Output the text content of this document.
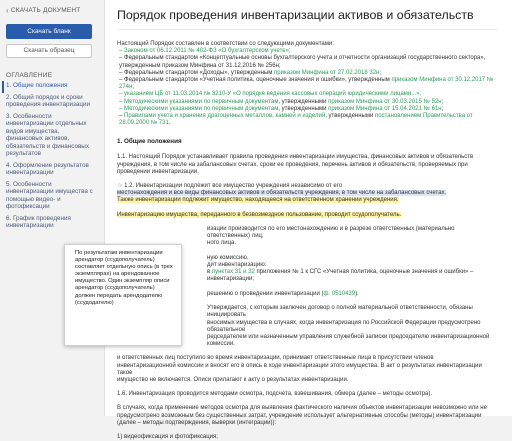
‹ СКАЧАТЬ ДОКУМЕНТ
Скачать бланк
Скачать образец
ОГЛАВЛЕНИЕ
1. Общие положения
2. Общий порядок и сроки проведения инвентаризации
3. Особенности инвентаризации отдельных видов имущества, финансовых активов, обязательств и финансовых результатов
4. Оформление результатов инвентаризации
5. Особенности инвентаризации имущества с помощью видео- и фотофиксации
6. График проведения инвентаризации
Порядок проведения инвентаризации активов и обязательств
Настоящий Порядок составлен в соответствии со следующими документами:
– Законом от 06.12.2011 № 402-ФЗ «О бухгалтерском учете»;
– Федеральным стандартом «Концептуальные основы бухгалтерского учета и отчетности организаций государственного сектора»,
утвержденным приказом Минфина от 31.12.2016 № 256н;
– Федеральным стандартом «Доходы», утвержденным приказом Минфина от 27.02.2018 32н;
– Федеральным стандартом «Учетная политика, оценочные значения и ошибки», утвержденным приказом Минфина от 30.12.2017 №
274н;
– указанием ЦБ от 11.03.2014 № 3210-У «О порядке ведения кассовых операций юридическими лицами...»;
– Методическими указаниями по первичным документам, утвержденными приказом Минфина от 30.03.2015 № 52н;
– Методическими указаниями по первичным документам, утвержденными приказом Минфина от 15.04.2021 № 61н;
– Правилами учета и хранения драгоценных металлов, камней и изделий, утвержденными постановлением Правительства от
28.09.2000 № 731.
1. Общие положения
1.1. Настоящий Порядок устанавливает правила проведения инвентаризации имущества, финансовых активов и обязательств учреждения, в том числе на забалансовых счетах, сроки ее проведения, перечень активов и обязательств, проверяемых при проведении инвентаризации.
☆ 1.2. Инвентаризации подлежит все имущество учреждения независимо от его
местонахождения и все виды финансовых активов и обязательств учреждения, в том числе на забалансовых счетах.
Также инвентаризации подлежит имущество, находящееся на ответственном хранении учреждения.
Инвентаризацию имущества, переданного в безвозмездное пользование, проводит ссудополучатель.
изации производится по его местонахождению и в разрезе ответственных (материально ответственных) лиц,
ного лица.

ную комиссию.
дит инвентаризацию:
в пунктах 31 и 32 приложения № 1 к СГС «Учетная политика, оценочные значения и ошибки» –
инвентаризации;

решению о проведении инвентаризации (ф. 0510439).

Утверждается, с которым заключен договор о полной материальной ответственности, обязаны инициировать
вносимых имущества в случаях, когда инвентаризация по Российской Федерации предусмотрено обязательное
редседателем или назначенным управления служебной записки председателю инвентаризационной комиссии.
и ответственных лиц поступило во время инвентаризации, принимает ответственные лица в присутствии членов
инвентаризационной комиссии и вносят его в опись в ходе инвентаризации этого имущества. В акт о результатах инвентаризации такое
имущество не включается. Описи прилагают к акту о результатах инвентаризации.
1.6. Инвентаризация проводится методами осмотра, подсчета, взвешивания, обмера (далее – методы осмотра).
В случаях, когда применение методов осмотра для выявления фактического наличия объектов инвентаризации невозможно или не предусмотрено возможным без существенных затрат, учреждение использует альтернативные способы (методы) инвентаризации (далее – методы подтверждения, выверки (интеграции)):
1) видеофиксация и фотофиксация;
По результатам инвентаризации арендатор (ссудополучатель) составляет отдельную опись (в трех экземплярах) на арендованное имущество. Один экземпляр описи арендатор (ссудополучатель) должен передать арендодателю (ссудодателю)
